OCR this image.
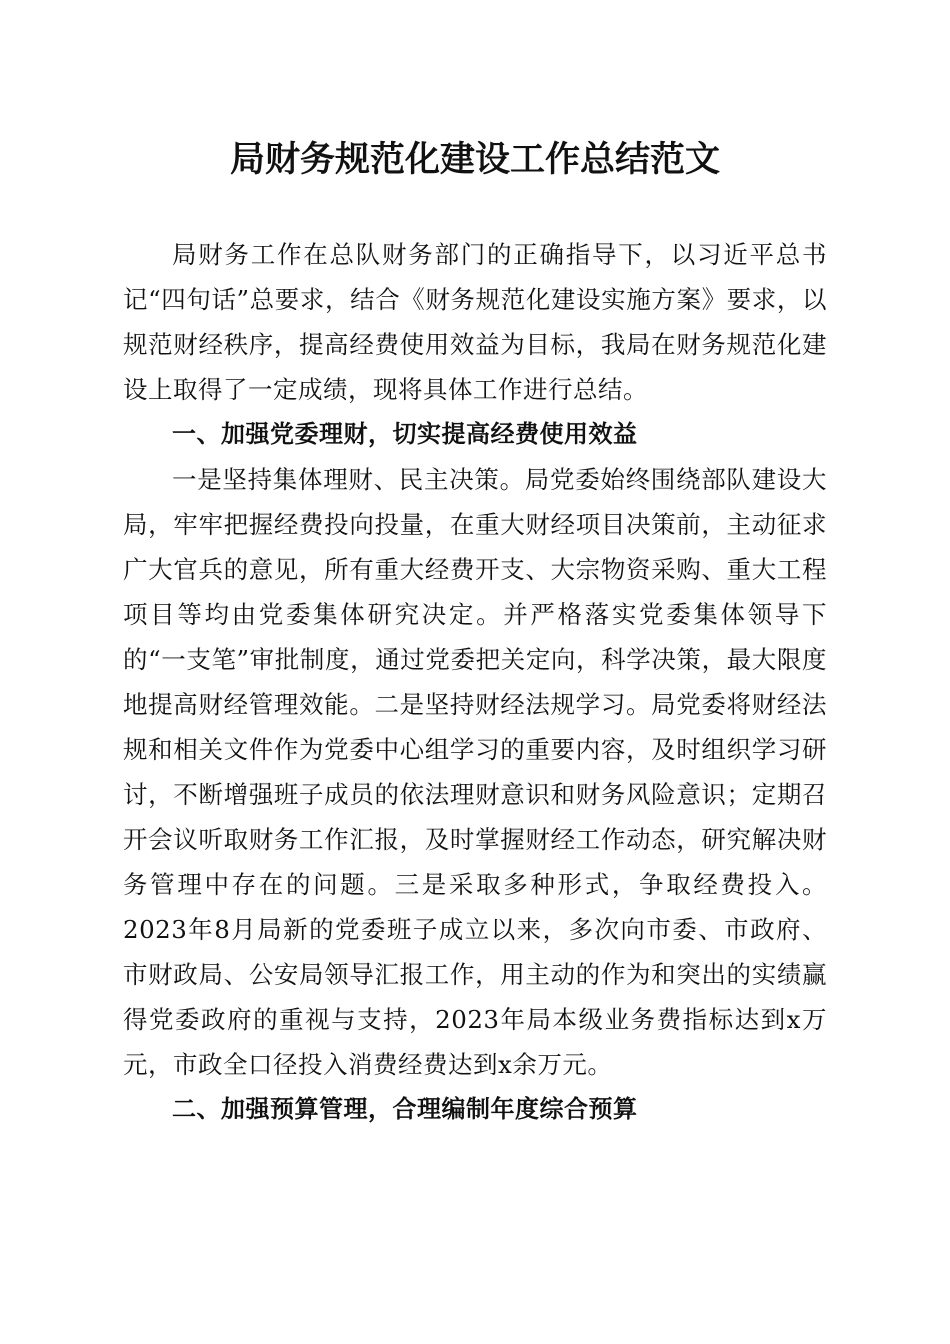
局财务规范化建设工作总结范文

局财务工作在总队财务部门的正确指导下，以习近平总书记“四句话”总要求，结合《财务规范化建设实施方案》要求，以规范财经秩序，提高经费使用效益为目标，我局在财务规范化建设上取得了一定成绩，现将具体工作进行总结。

一、加强党委理财，切实提高经费使用效益

一是坚持集体理财、民主决策。局党委始终围绕部队建设大局，牢牢把握经费投向投量，在重大财经项目决策前，主动征求广大官兵的意见，所有重大经费开支、大宗物资采购、重大工程项目等均由党委集体研究决定。并严格落实党委集体领导下的“一支笔”审批制度，通过党委把关定向，科学决策，最大限度地提高财经管理效能。二是坚持财经法规学习。局党委将财经法规和相关文件作为党委中心组学习的重要内容，及时组织学习研讨，不断增强班子成员的依法理财意识和财务风险意识；定期召开会议听取财务工作汇报，及时掌握财经工作动态，研究解决财务管理中存在的问题。三是采取多种形式，争取经费投入。2023年8月局新的党委班子成立以来，多次向市委、市政府、市财政局、公安局领导汇报工作，用主动的作为和突出的实绩赢得党委政府的重视与支持，2023年局本级业务费指标达到x万元，市政全口径投入消费经费达到x余万元。

二、加强预算管理，合理编制年度综合预算
